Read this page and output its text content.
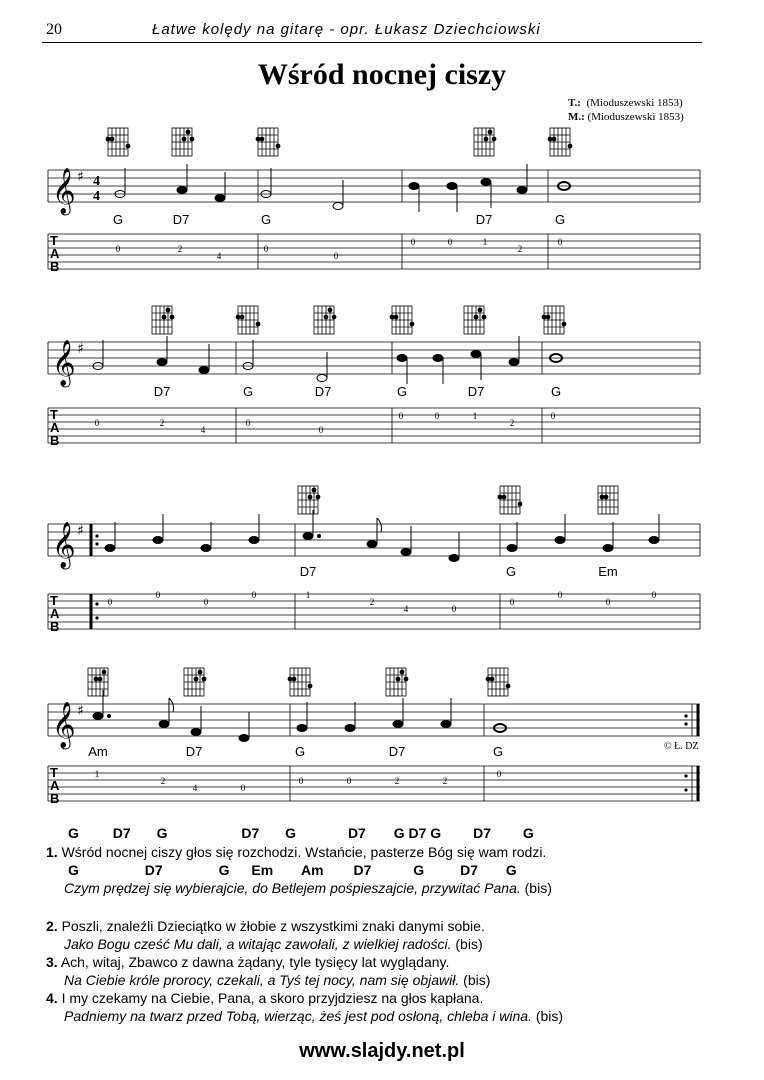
20	Łatwe kolędy na gitarę - opr. Łukasz Dziechciowski
Wśród nocnej ciszy
T.: (Mioduszewski 1853)
M.: (Mioduszewski 1853)
𝄞 ♯ 4
4
T
A
B
0	2
4
0
0
0	0	1
2
0
G	D7	G	D7	G
𝄞 ♯
T
A
B
0	2
4
0
0
0	0	1
2
0
D7	G	D7	G	D7	G
𝄞 ♯
T
A
B
0
0
0
0	1
2
4	0
0
0
0
0
D7	G	Em
𝄞 ♯
T
A
B
1
2
4	0
0	0	2	2
0
Am	D7	G	D7	G	© Ł. DZ
G D7 G	D7 G	D7 G D7 G D7 G
1. Wśród nocnej ciszy głos się rozchodzi. Wstańcie, pasterze Bóg się wam rodzi.
G	D7	G Em Am D7	G	D7 G
Czym prędzej się wybierajcie, do Betlejem pośpieszajcie, przywitać Pana. (bis)
2. Poszli, znaleźli Dzieciątko w żłobie z wszystkimi znaki danymi sobie.
Jako Bogu cześć Mu dali, a witając zawołali, z wielkiej radości. (bis)
3. Ach, witaj, Zbawco z dawna żądany, tyle tysięcy lat wyglądany.
Na Ciebie króle prorocy, czekali, a Tyś tej nocy, nam się objawił. (bis)
4. I my czekamy na Ciebie, Pana, a skoro przyjdziesz na głos kapłana.
Padniemy na twarz przed Tobą, wierząc, żeś jest pod osłoną, chleba i wina. (bis)
www.slajdy.net.pl
